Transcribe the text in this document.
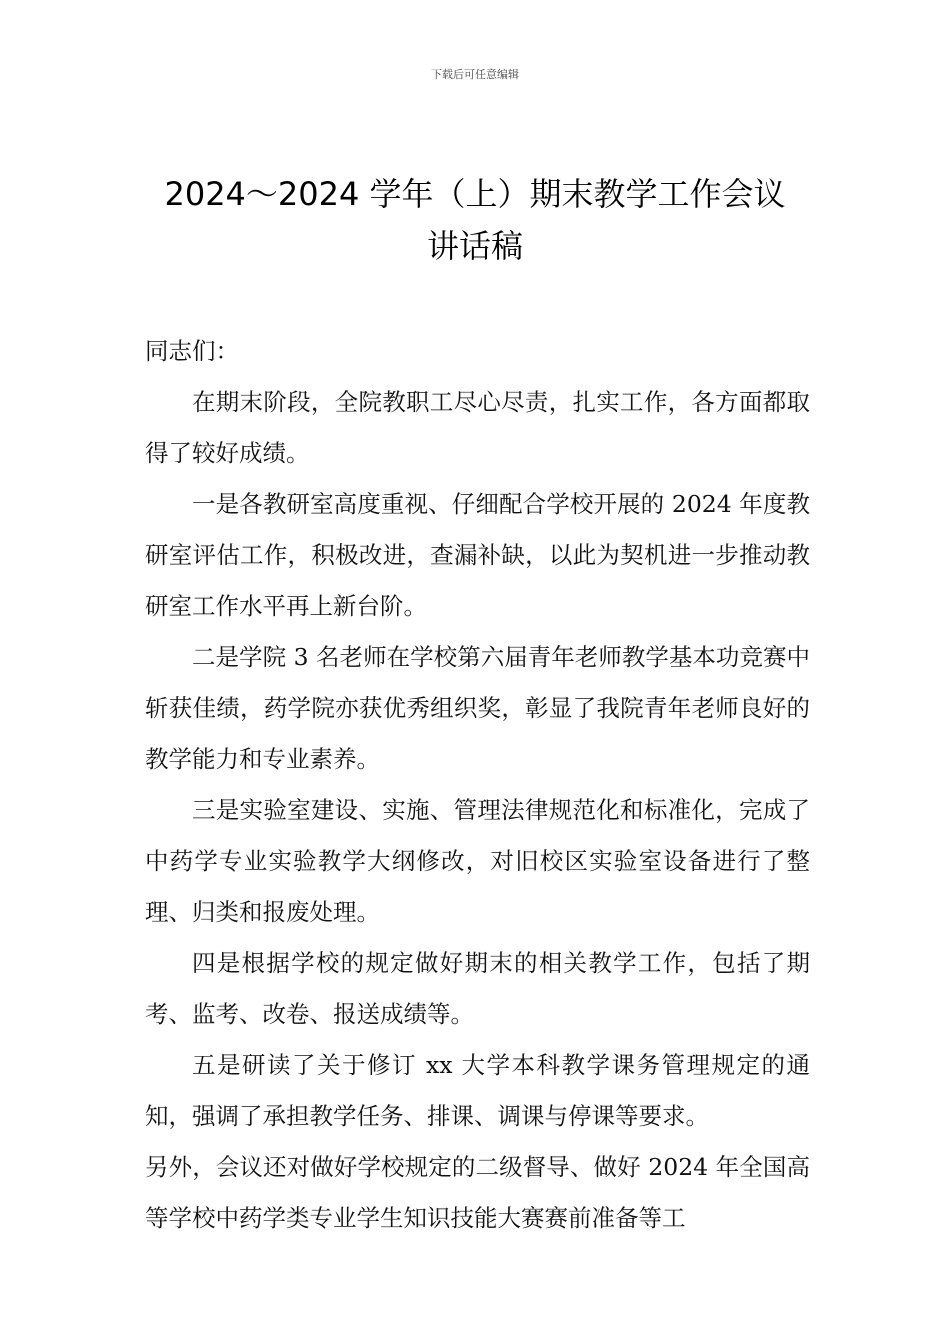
下载后可任意编辑
2024～2024 学年（上）期末教学工作会议
讲话稿

同志们：

在期末阶段，全院教职工尽心尽责，扎实工作，各方面都取得了较好成绩。

一是各教研室高度重视、仔细配合学校开展的 2024 年度教研室评估工作，积极改进，查漏补缺，以此为契机进一步推动教研室工作水平再上新台阶。

二是学院 3 名老师在学校第六届青年老师教学基本功竞赛中斩获佳绩，药学院亦获优秀组织奖，彰显了我院青年老师良好的教学能力和专业素养。

三是实验室建设、实施、管理法律规范化和标准化，完成了中药学专业实验教学大纲修改，对旧校区实验室设备进行了整理、归类和报废处理。

四是根据学校的规定做好期末的相关教学工作，包括了期考、监考、改卷、报送成绩等。

五是研读了关于修订 xx 大学本科教学课务管理规定的通知，强调了承担教学任务、排课、调课与停课等要求。

另外，会议还对做好学校规定的二级督导、做好 2024 年全国高等学校中药学类专业学生知识技能大赛赛前准备等工
